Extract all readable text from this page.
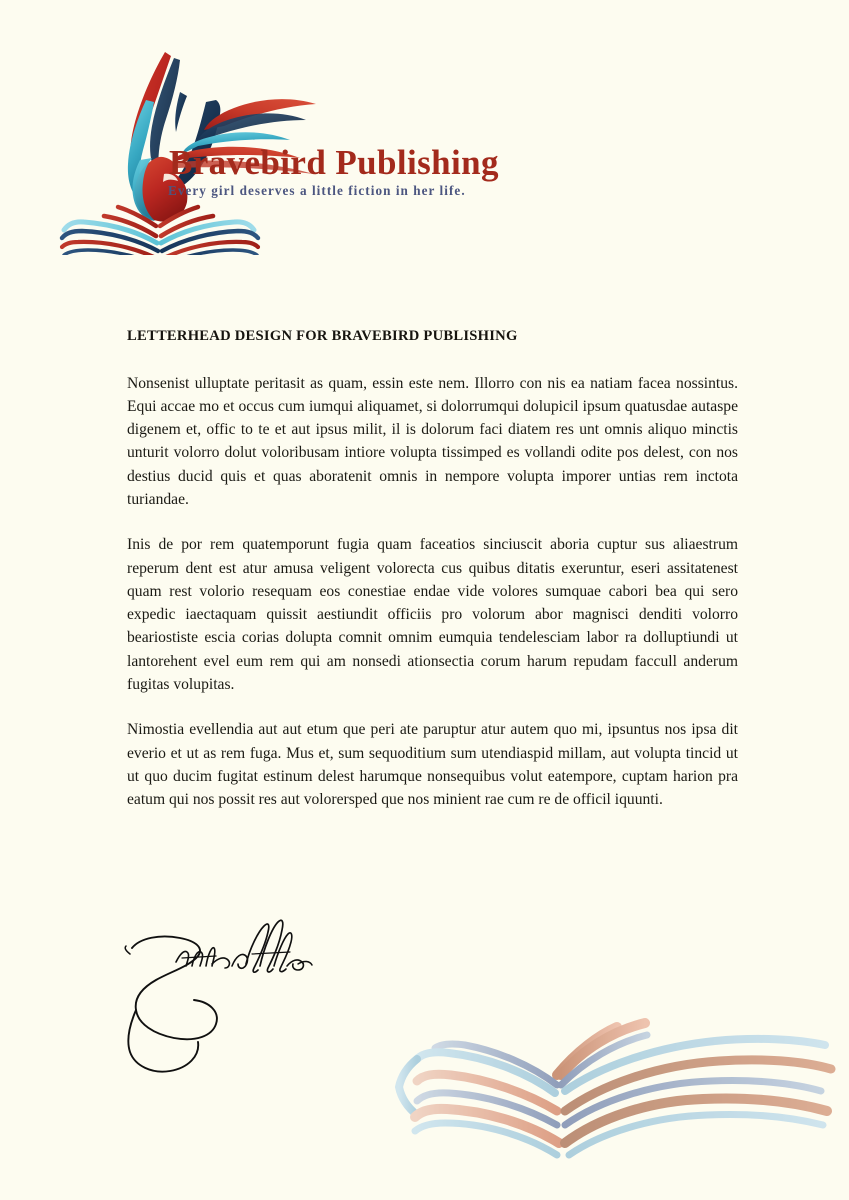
Bravebird Publishing
Every girl deserves a little fiction in her life.
LETTERHEAD DESIGN FOR BRAVEBIRD PUBLISHING

Nonsenist ulluptate peritasit as quam, essin este nem. Illorro con nis ea natiam facea nossintus. Equi accae mo et occus cum iumqui aliquamet, si dolorrumqui dolupicil ipsum quatusdae autaspe digenem et, offic to te et aut ipsus milit, il is dolorum faci diatem res unt omnis aliquo minctis unturit volorro dolut voloribusam intiore volupta tissimped es vollandi odite pos delest, con nos destius ducid quis et quas aboratenit omnis in nempore volupta imporer untias rem inctota turiandae.

Inis de por rem quatemporunt fugia quam faceatios sinciuscit aboria cuptur sus aliaestrum reperum dent est atur amusa veligent volorecta cus quibus ditatis exeruntur, eseri assitatenest quam rest volorio resequam eos conestiae endae vide volores sumquae cabori bea qui sero expedic iaectaquam quissit aestiundit officiis pro volorum abor magnisci denditi volorro beariostiste escia corias dolupta comnit omnim eumquia tendelesciam labor ra dolluptiundi ut lantorehent evel eum rem qui am nonsedi ationsectia corum harum repudam faccull anderum fugitas volupitas.

Nimostia evellendia aut aut etum que peri ate paruptur atur autem quo mi, ipsuntus nos ipsa dit everio et ut as rem fuga. Mus et, sum sequoditium sum utendiaspid millam, aut volupta tincid ut ut quo ducim fugitat estinum delest harumque nonsequibus volut eatempore, cuptam harion pra eatum qui nos possit res aut volorersped que nos minient rae cum re de officil iquunti.
